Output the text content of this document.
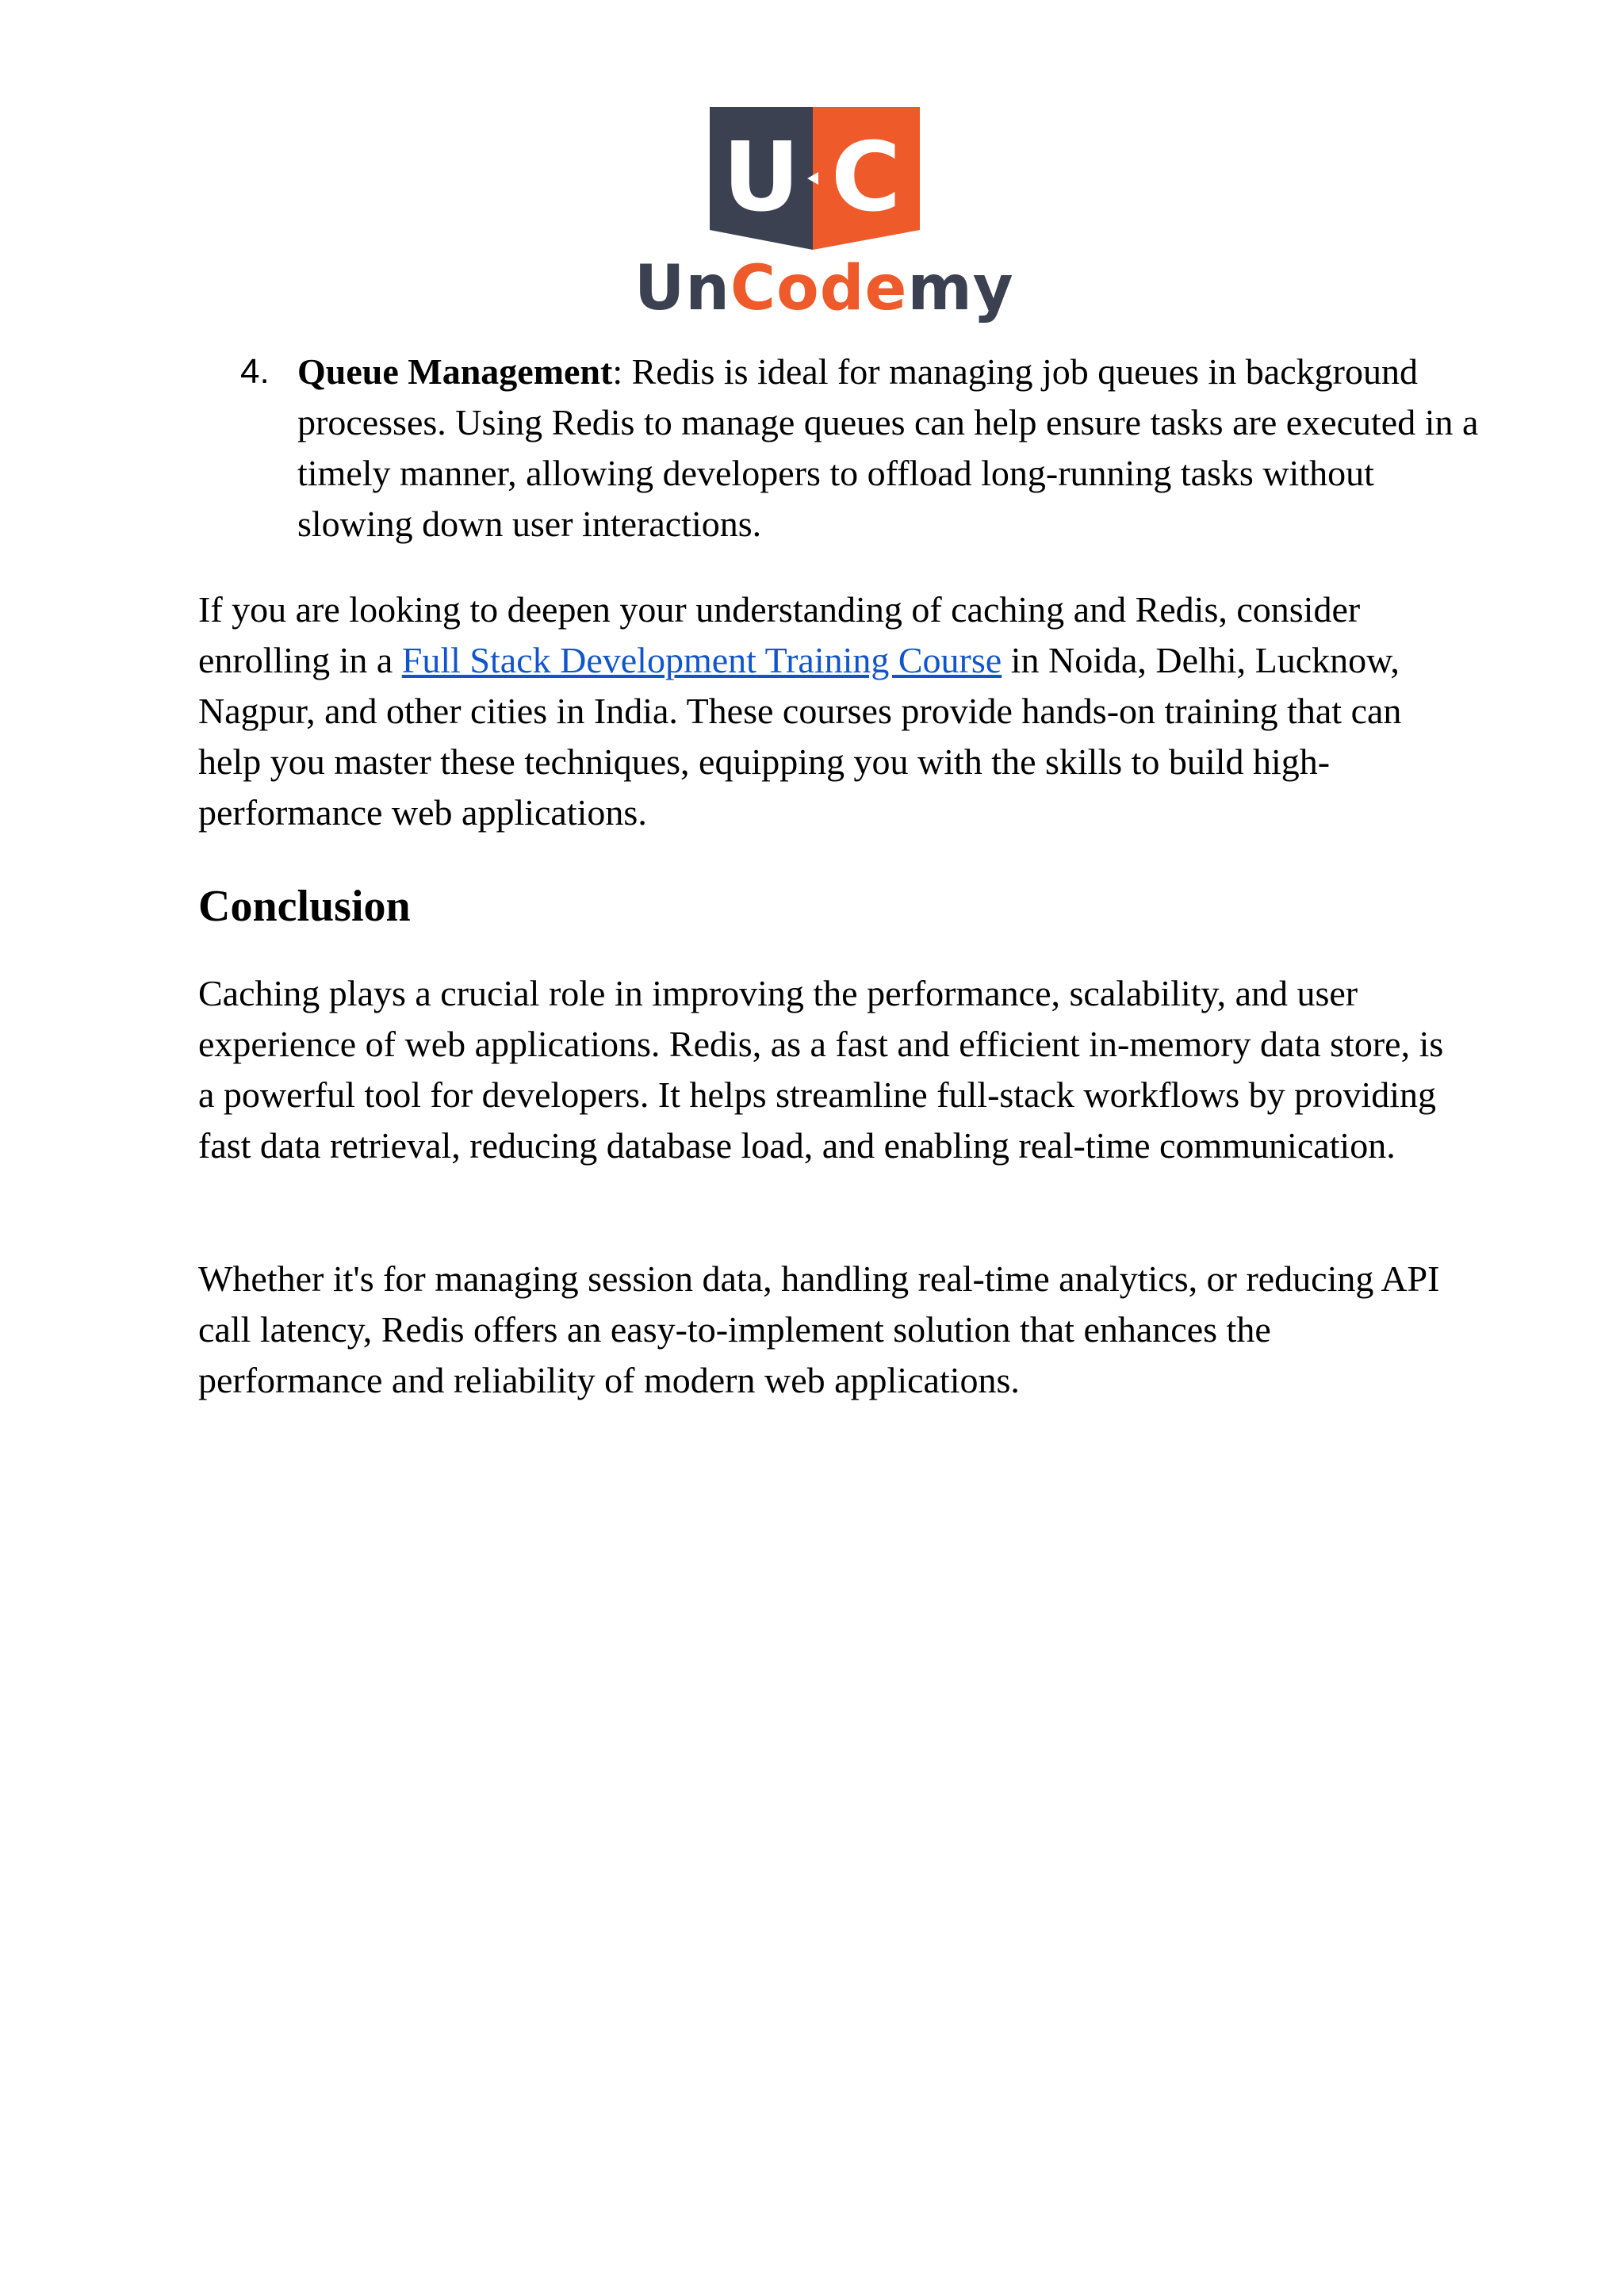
U C
UnCodemy
4. Queue Management: Redis is ideal for managing job queues in background processes. Using Redis to manage queues can help ensure tasks are executed in a timely manner, allowing developers to offload long-running tasks without slowing down user interactions.

If you are looking to deepen your understanding of caching and Redis, consider enrolling in a Full Stack Development Training Course in Noida, Delhi, Lucknow, Nagpur, and other cities in India. These courses provide hands-on training that can help you master these techniques, equipping you with the skills to build high-performance web applications.

Conclusion

Caching plays a crucial role in improving the performance, scalability, and user experience of web applications. Redis, as a fast and efficient in-memory data store, is a powerful tool for developers. It helps streamline full-stack workflows by providing fast data retrieval, reducing database load, and enabling real-time communication.

Whether it's for managing session data, handling real-time analytics, or reducing API call latency, Redis offers an easy-to-implement solution that enhances the performance and reliability of modern web applications.
